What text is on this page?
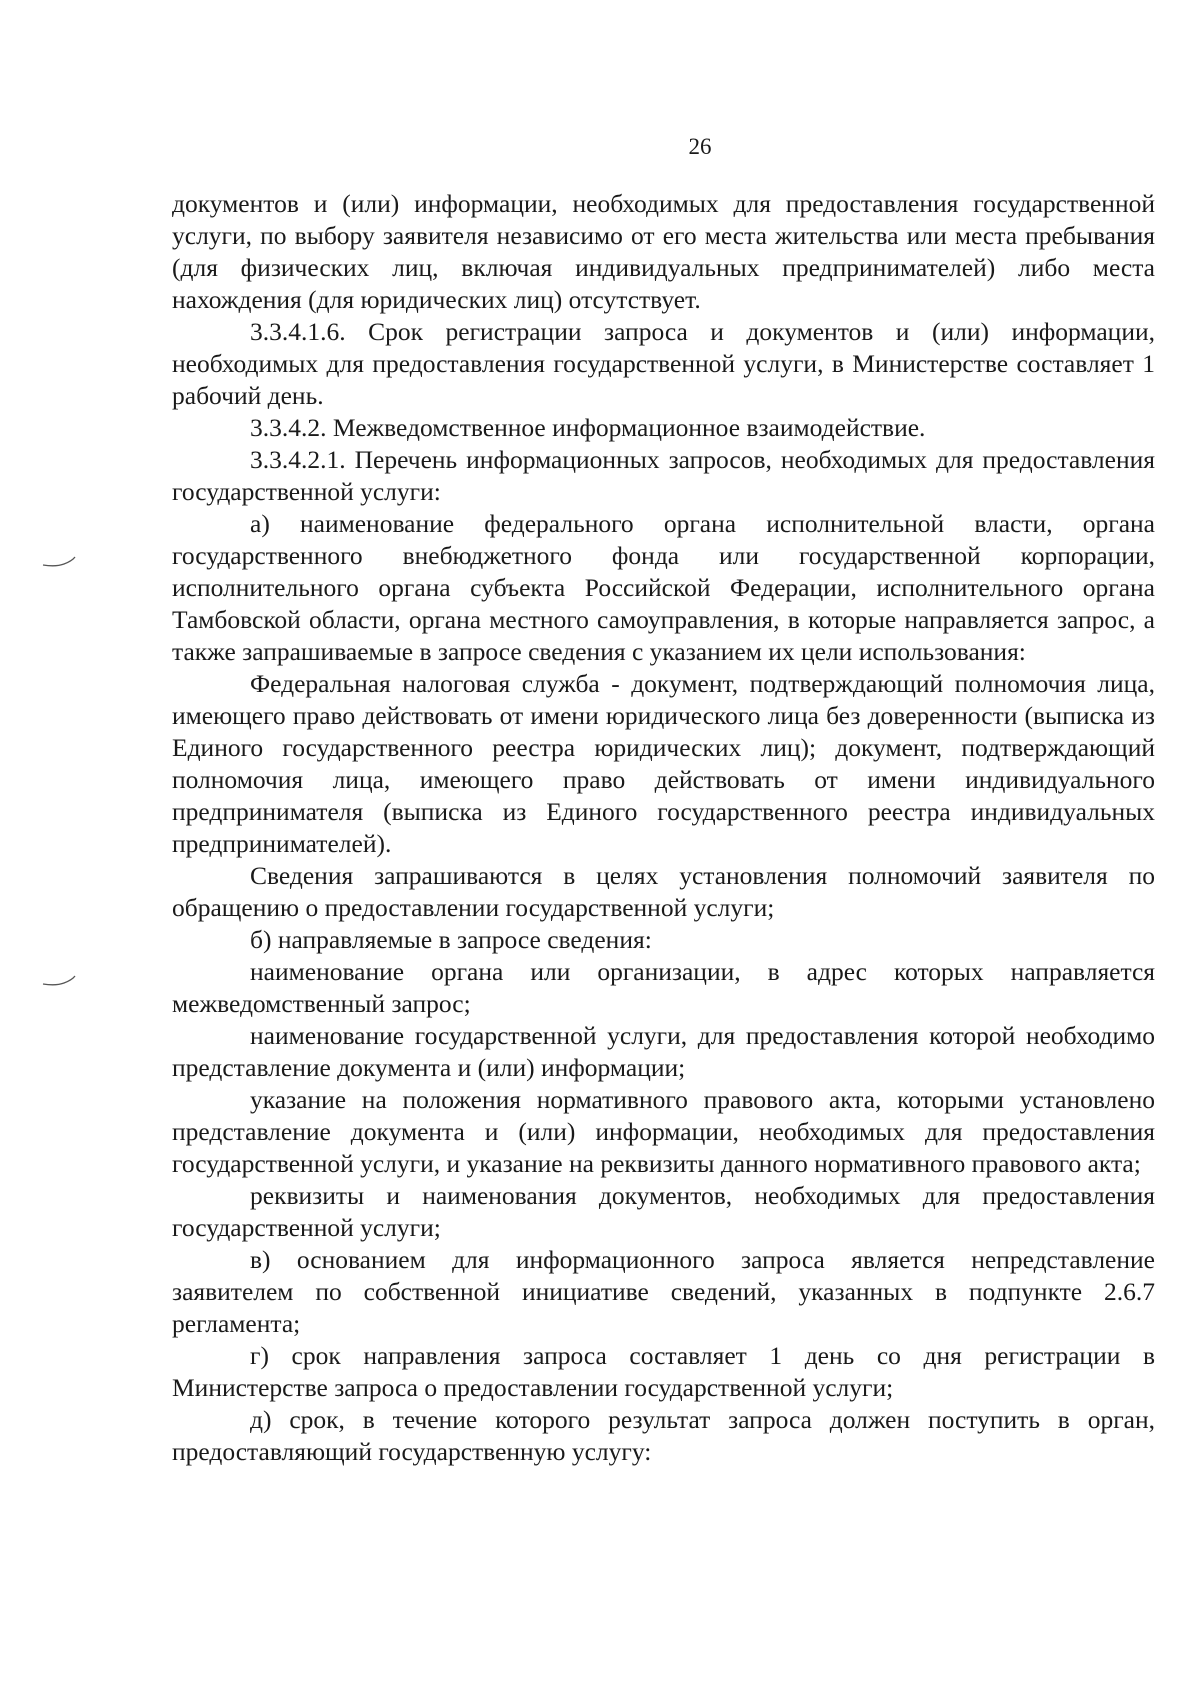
26

документов и (или) информации, необходимых для предоставления государственной услуги, по выбору заявителя независимо от его места жительства или места пребывания (для физических лиц, включая индивидуальных предпринимателей) либо места нахождения (для юридических лиц) отсутствует.

3.3.4.1.6. Срок регистрации запроса и документов и (или) информации, необходимых для предоставления государственной услуги, в Министерстве составляет 1 рабочий день.

3.3.4.2. Межведомственное информационное взаимодействие.

3.3.4.2.1. Перечень информационных запросов, необходимых для предоставления государственной услуги:

а) наименование федерального органа исполнительной власти, органа государственного внебюджетного фонда или государственной корпорации, исполнительного органа субъекта Российской Федерации, исполнительного органа Тамбовской области, органа местного самоуправления, в которые направляется запрос, а также запрашиваемые в запросе сведения с указанием их цели использования:

Федеральная налоговая служба - документ, подтверждающий полномочия лица, имеющего право действовать от имени юридического лица без доверенности (выписка из Единого государственного реестра юридических лиц); документ, подтверждающий полномочия лица, имеющего право действовать от имени индивидуального предпринимателя (выписка из Единого государственного реестра индивидуальных предпринимателей).

Сведения запрашиваются в целях установления полномочий заявителя по обращению о предоставлении государственной услуги;

б) направляемые в запросе сведения:

наименование органа или организации, в адрес которых направляется межведомственный запрос;

наименование государственной услуги, для предоставления которой необходимо представление документа и (или) информации;

указание на положения нормативного правового акта, которыми установлено представление документа и (или) информации, необходимых для предоставления государственной услуги, и указание на реквизиты данного нормативного правового акта;

реквизиты и наименования документов, необходимых для предоставления государственной услуги;

в) основанием для информационного запроса является непредставление заявителем по собственной инициативе сведений, указанных в подпункте 2.6.7 регламента;

г) срок направления запроса составляет 1 день со дня регистрации в Министерстве запроса о предоставлении государственной услуги;

д) срок, в течение которого результат запроса должен поступить в орган, предоставляющий государственную услугу:
